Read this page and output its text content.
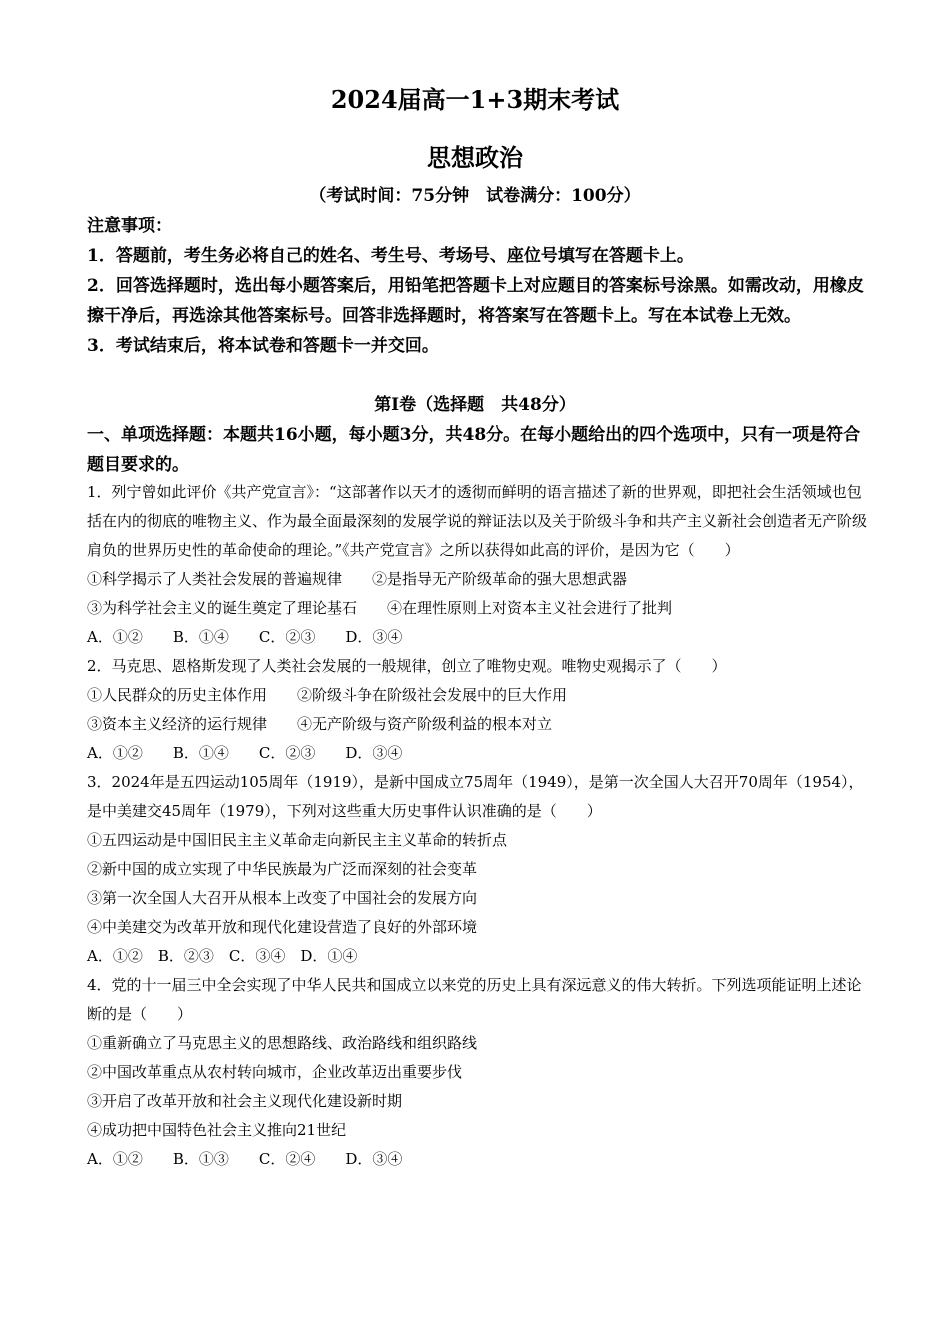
2024届高一1+3期末考试
思想政治
（考试时间：75分钟　试卷满分：100分）

注意事项：

1．答题前，考生务必将自己的姓名、考生号、考场号、座位号填写在答题卡上。

2．回答选择题时，选出每小题答案后，用铅笔把答题卡上对应题目的答案标号涂黑。如需改动，用橡皮擦干净后，再选涂其他答案标号。回答非选择题时，将答案写在答题卡上。写在本试卷上无效。

3．考试结束后，将本试卷和答题卡一并交回。

第Ⅰ卷（选择题　共48分）
一、单项选择题：本题共16小题，每小题3分，共48分。在每小题给出的四个选项中，只有一项是符合题目要求的。

1．列宁曾如此评价《共产党宣言》：“这部著作以天才的透彻而鲜明的语言描述了新的世界观，即把社会生活领域也包括在内的彻底的唯物主义、作为最全面最深刻的发展学说的辩证法以及关于阶级斗争和共产主义新社会创造者无产阶级肩负的世界历史性的革命使命的理论。”《共产党宣言》之所以获得如此高的评价，是因为它（　　）

①科学揭示了人类社会发展的普遍规律　　②是指导无产阶级革命的强大思想武器

③为科学社会主义的诞生奠定了理论基石　　④在理性原则上对资本主义社会进行了批判

A．①②　　B．①④　　C．②③　　D．③④

2．马克思、恩格斯发现了人类社会发展的一般规律，创立了唯物史观。唯物史观揭示了（　　）

①人民群众的历史主体作用　　②阶级斗争在阶级社会发展中的巨大作用

③资本主义经济的运行规律　　④无产阶级与资产阶级利益的根本对立

A．①②　　B．①④　　C．②③　　D．③④

3．2024年是五四运动105周年（1919），是新中国成立75周年（1949），是第一次全国人大召开70周年（1954），是中美建交45周年（1979），下列对这些重大历史事件认识准确的是（　　）

①五四运动是中国旧民主主义革命走向新民主主义革命的转折点

②新中国的成立实现了中华民族最为广泛而深刻的社会变革

③第一次全国人大召开从根本上改变了中国社会的发展方向

④中美建交为改革开放和现代化建设营造了良好的外部环境

A．①②　B．②③　C．③④　D．①④

4．党的十一届三中全会实现了中华人民共和国成立以来党的历史上具有深远意义的伟大转折。下列选项能证明上述论断的是（　　）

①重新确立了马克思主义的思想路线、政治路线和组织路线

②中国改革重点从农村转向城市，企业改革迈出重要步伐

③开启了改革开放和社会主义现代化建设新时期

④成功把中国特色社会主义推向21世纪

A．①②　　B．①③　　C．②④　　D．③④
